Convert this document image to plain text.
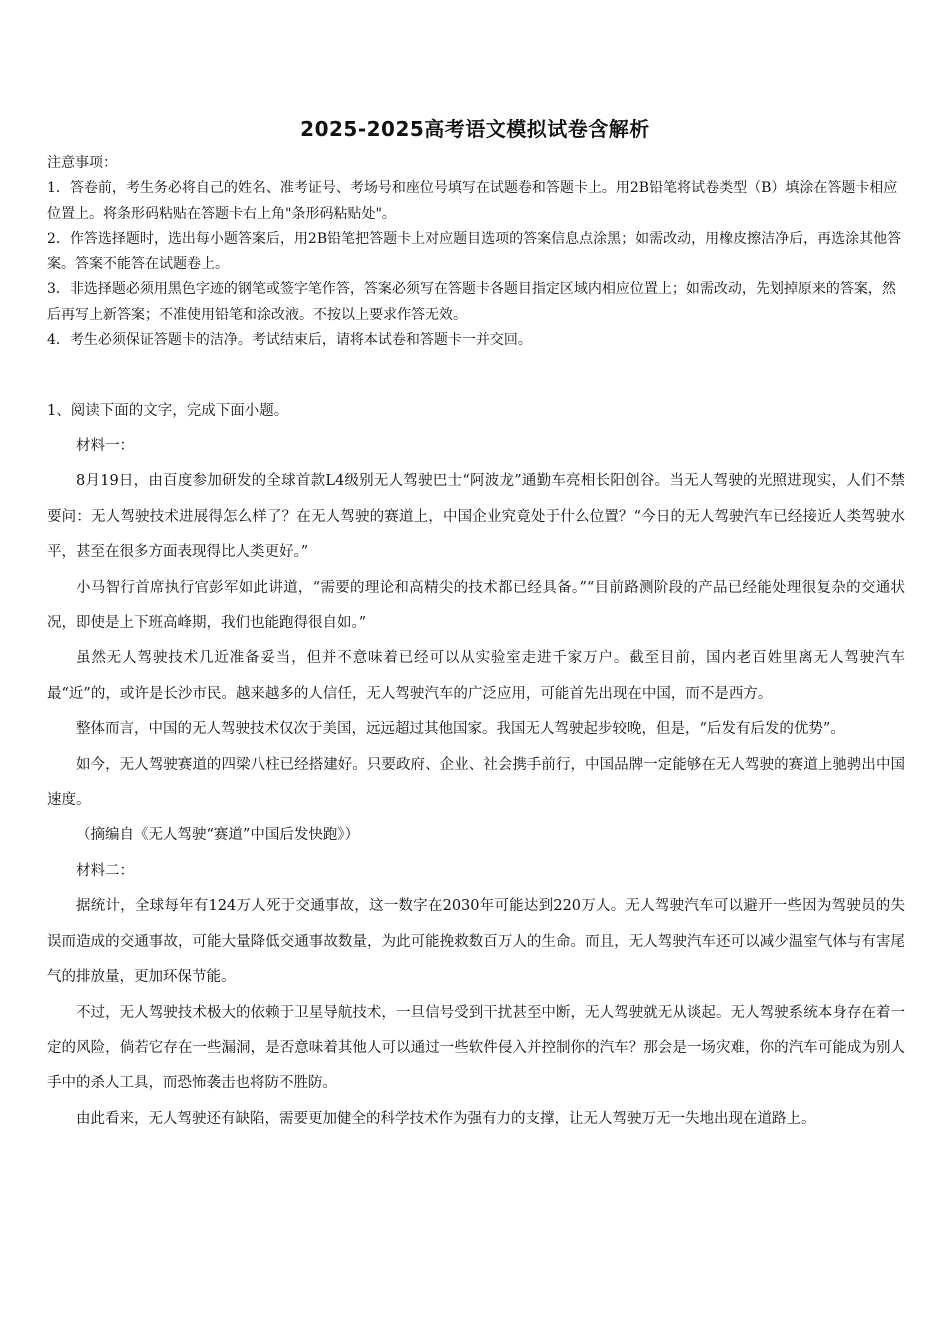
2025-2025高考语文模拟试卷含解析

注意事项：

1．答卷前，考生务必将自己的姓名、准考证号、考场号和座位号填写在试题卷和答题卡上。用2B铅笔将试卷类型（B）填涂在答题卡相应位置上。将条形码粘贴在答题卡右上角"条形码粘贴处"。

2．作答选择题时，选出每小题答案后，用2B铅笔把答题卡上对应题目选项的答案信息点涂黑；如需改动，用橡皮擦洁净后，再选涂其他答案。答案不能答在试题卷上。

3．非选择题必须用黑色字迹的钢笔或签字笔作答，答案必须写在答题卡各题目指定区域内相应位置上；如需改动，先划掉原来的答案，然后再写上新答案；不准使用铅笔和涂改液。不按以上要求作答无效。

4．考生必须保证答题卡的洁净。考试结束后，请将本试卷和答题卡一并交回。

1、阅读下面的文字，完成下面小题。

材料一：

8月19日，由百度参加研发的全球首款L4级别无人驾驶巴士“阿波龙”通勤车亮相长阳创谷。当无人驾驶的光照进现实，人们不禁要问：无人驾驶技术进展得怎么样了？在无人驾驶的赛道上，中国企业究竟处于什么位置？“今日的无人驾驶汽车已经接近人类驾驶水平，甚至在很多方面表现得比人类更好。”

小马智行首席执行官彭军如此讲道，“需要的理论和高精尖的技术都已经具备。”“目前路测阶段的产品已经能处理很复杂的交通状况，即使是上下班高峰期，我们也能跑得很自如。”

虽然无人驾驶技术几近准备妥当，但并不意味着已经可以从实验室走进千家万户。截至目前，国内老百姓里离无人驾驶汽车最“近”的，或许是长沙市民。越来越多的人信任，无人驾驶汽车的广泛应用，可能首先出现在中国，而不是西方。

整体而言，中国的无人驾驶技术仅次于美国，远远超过其他国家。我国无人驾驶起步较晚，但是，“后发有后发的优势”。

如今，无人驾驶赛道的四梁八柱已经搭建好。只要政府、企业、社会携手前行，中国品牌一定能够在无人驾驶的赛道上驰骋出中国速度。

（摘编自《无人驾驶“赛道”中国后发快跑》）

材料二：

据统计，全球每年有124万人死于交通事故，这一数字在2030年可能达到220万人。无人驾驶汽车可以避开一些因为驾驶员的失误而造成的交通事故，可能大量降低交通事故数量，为此可能挽救数百万人的生命。而且，无人驾驶汽车还可以减少温室气体与有害尾气的排放量，更加环保节能。

不过，无人驾驶技术极大的依赖于卫星导航技术，一旦信号受到干扰甚至中断，无人驾驶就无从谈起。无人驾驶系统本身存在着一定的风险，倘若它存在一些漏洞，是否意味着其他人可以通过一些软件侵入并控制你的汽车？那会是一场灾难，你的汽车可能成为别人手中的杀人工具，而恐怖袭击也将防不胜防。

由此看来，无人驾驶还有缺陷，需要更加健全的科学技术作为强有力的支撑，让无人驾驶万无一失地出现在道路上。
